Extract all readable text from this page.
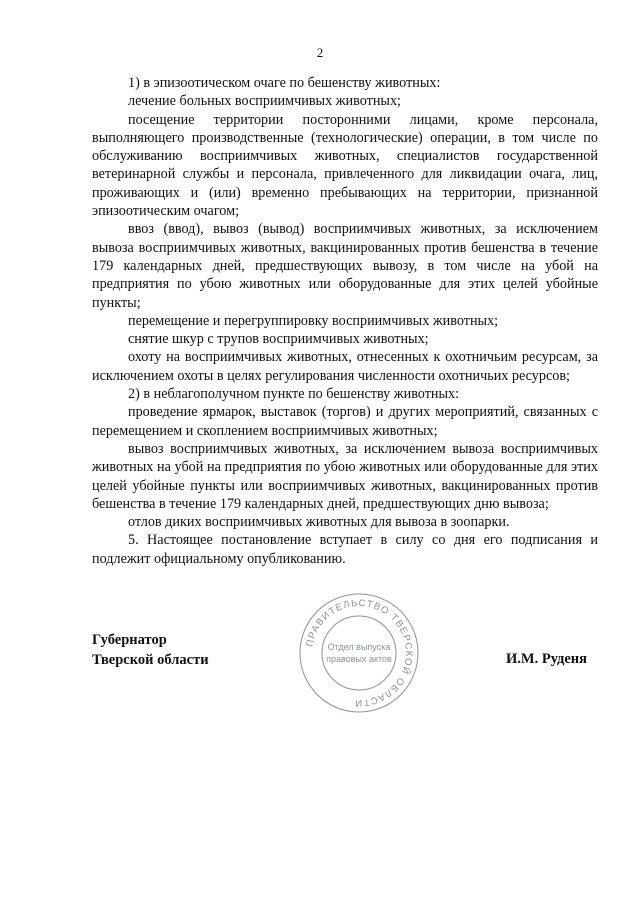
2

1) в эпизоотическом очаге по бешенству животных:

лечение больных восприимчивых животных;

посещение территории посторонними лицами, кроме персонала, выполняющего производственные (технологические) операции, в том числе по обслуживанию восприимчивых животных, специалистов государственной ветеринарной службы и персонала, привлеченного для ликвидации очага, лиц, проживающих и (или) временно пребывающих на территории, признанной эпизоотическим очагом;

ввоз (ввод), вывоз (вывод) восприимчивых животных, за исключением вывоза восприимчивых животных, вакцинированных против бешенства в течение 179 календарных дней, предшествующих вывозу, в том числе на убой на предприятия по убою животных или оборудованные для этих целей убойные пункты;

перемещение и перегруппировку восприимчивых животных;

снятие шкур с трупов восприимчивых животных;

охоту на восприимчивых животных, отнесенных к охотничьим ресурсам, за исключением охоты в целях регулирования численности охотничьих ресурсов;

2) в неблагополучном пункте по бешенству животных:

проведение ярмарок, выставок (торгов) и других мероприятий, связанных с перемещением и скоплением восприимчивых животных;

вывоз восприимчивых животных, за исключением вывоза восприимчивых животных на убой на предприятия по убою животных или оборудованные для этих целей убойные пункты или восприимчивых животных, вакцинированных против бешенства в течение 179 календарных дней, предшествующих дню вывоза;

отлов диких восприимчивых животных для вывоза в зоопарки.

5. Настоящее постановление вступает в силу со дня его подписания и подлежит официальному опубликованию.

Губернатор
Тверской области
ПРАВИТЕЛЬСТВО ТВЕРСКОЙ ОБЛАСТИ
Отдел выпуска
правовых актов	И.М. Руденя
